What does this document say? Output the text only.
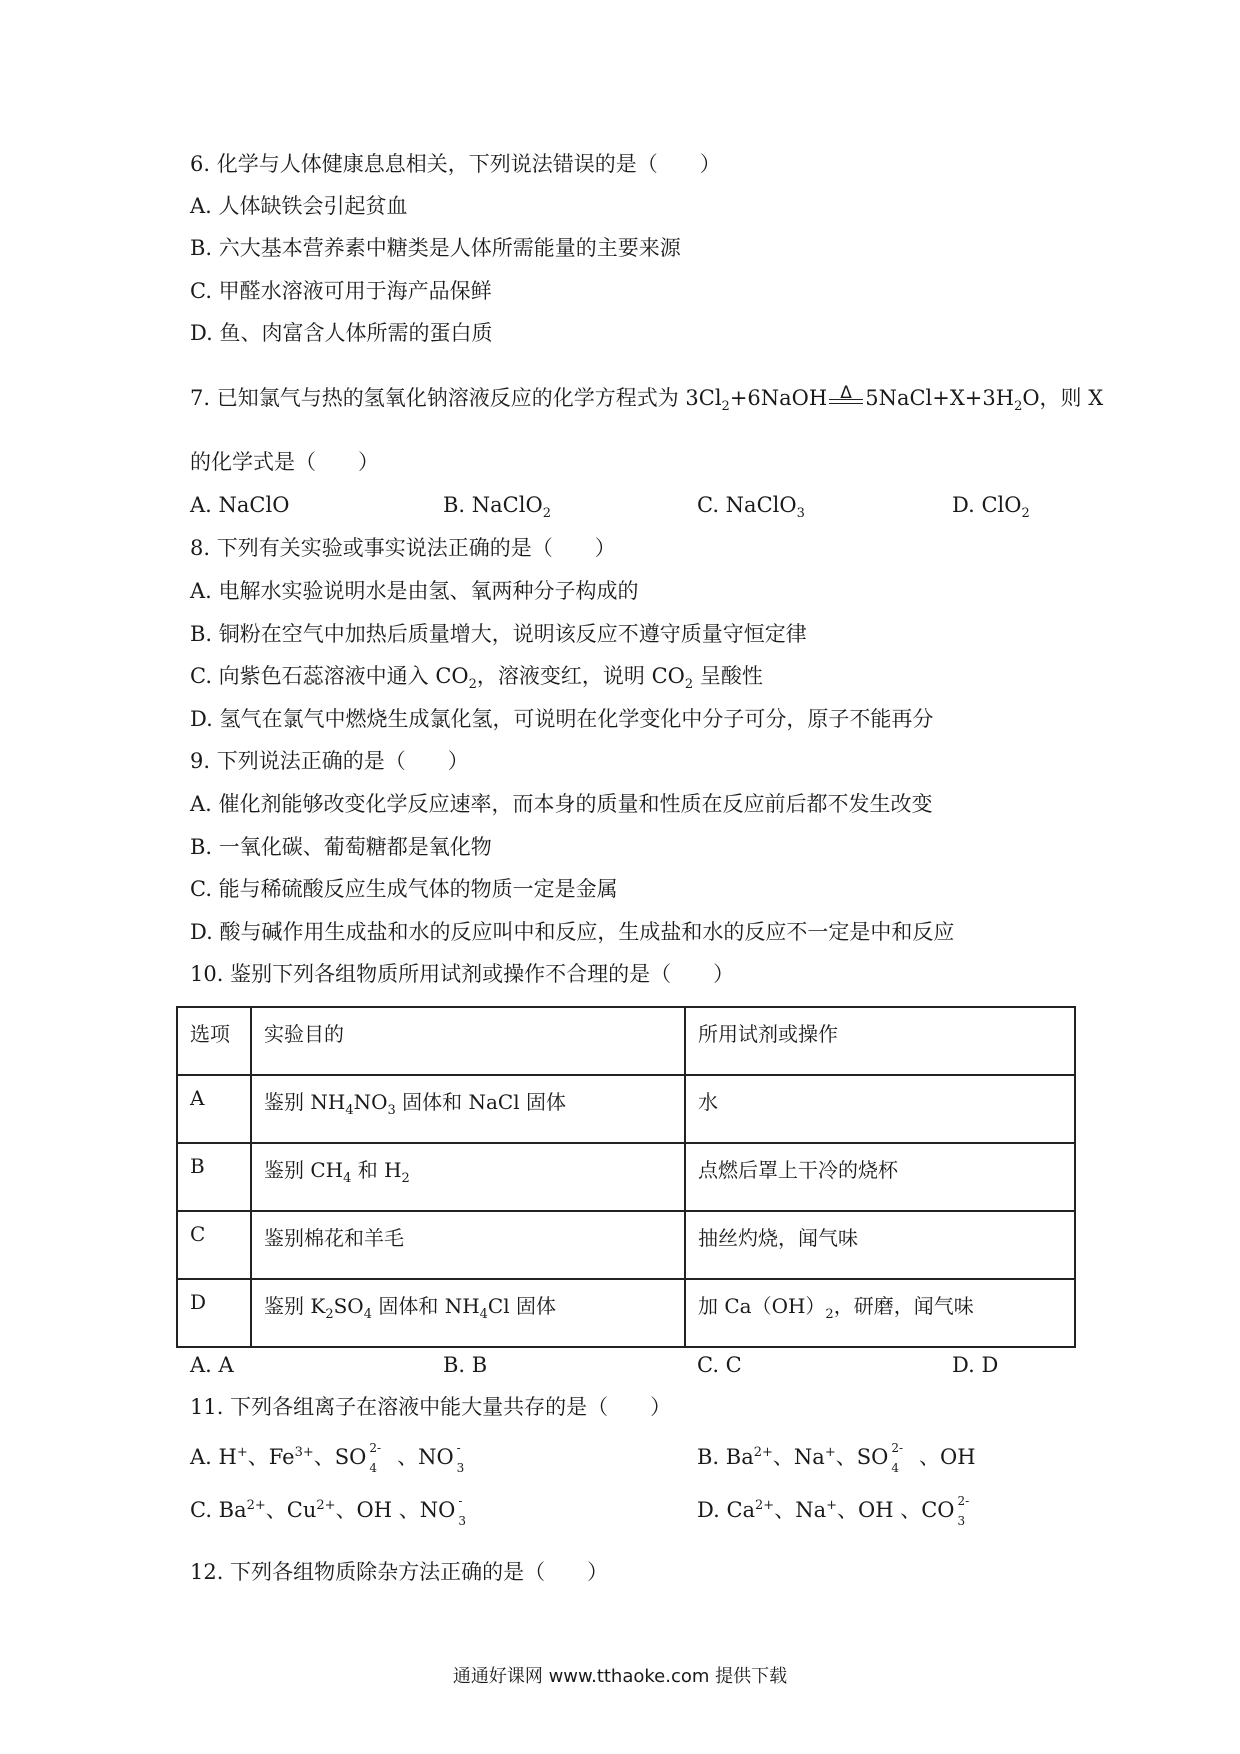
6. 化学与人体健康息息相关，下列说法错误的是（　　）
A. 人体缺铁会引起贫血
B. 六大基本营养素中糖类是人体所需能量的主要来源
C. 甲醛水溶液可用于海产品保鲜
D. 鱼、肉富含人体所需的蛋白质
7. 已知氯气与热的氢氧化钠溶液反应的化学方程式为 $3Cl_2+6NaOH$ Δ $5NaCl+X+3H_2O$，则 X
的化学式是（　　）
A. NaClO	B. NaClO$_2$	C. NaClO$_3$	D. ClO$_2$
8. 下列有关实验或事实说法正确的是（　　）
A. 电解水实验说明水是由氢、氧两种分子构成的
B. 铜粉在空气中加热后质量增大，说明该反应不遵守质量守恒定律
C. 向紫色石蕊溶液中通入 $CO_2$，溶液变红，说明 $CO_2$ 呈酸性
D. 氢气在氯气中燃烧生成氯化氢，可说明在化学变化中分子可分，原子不能再分
9. 下列说法正确的是（　　）
A. 催化剂能够改变化学反应速率，而本身的质量和性质在反应前后都不发生改变
B. 一氧化碳、葡萄糖都是氧化物
C. 能与稀硫酸反应生成气体的物质一定是金属
D. 酸与碱作用生成盐和水的反应叫中和反应，生成盐和水的反应不一定是中和反应
10. 鉴别下列各组物质所用试剂或操作不合理的是（　　）
选项	实验目的	所用试剂或操作
A	鉴别 $NH_4NO_3$ 固体和 NaCl 固体	水
B	鉴别 $CH_4$ 和 $H_2$	点燃后罩上干冷的烧杯
C	鉴别棉花和羊毛	抽丝灼烧，闻气味
D	鉴别 $K_2SO_4$ 固体和 $NH_4Cl$ 固体	加 $Ca(OH)_2$，研磨，闻气味
A. A	B. B	C. C	D. D
11. 下列各组离子在溶液中能大量共存的是（　　）
A. H+、$Fe^{3+}$、SO 2-
4 、NO -
3	B. $Ba^{2+}$、Na+、SO 2-
4 、OH
C. $Ba^{2+}$、$Cu^{2+}$、OH 、NO -
3	D. $Ca^{2+}$、Na+、OH 、CO 2-
3
12. 下列各组物质除杂方法正确的是（　　）
通通好课网 www.tthaoke.com 提供下载
